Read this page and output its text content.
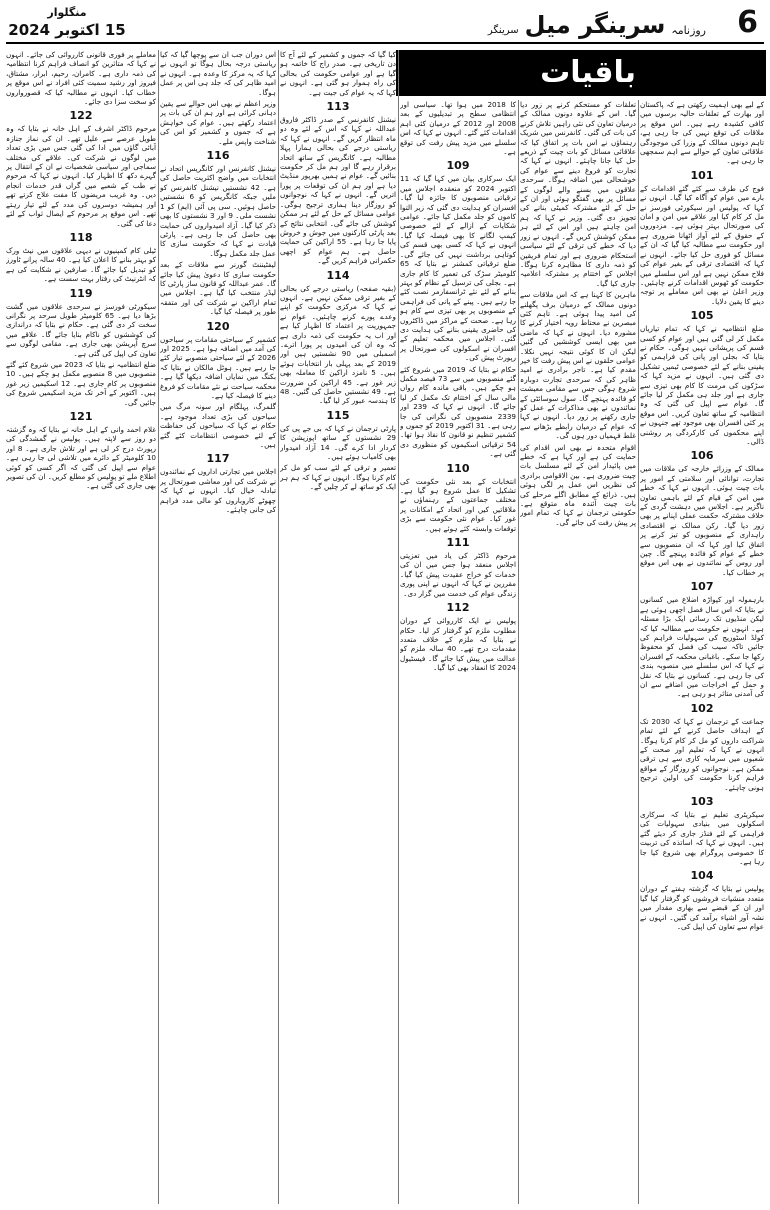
6
روزنامہ
سرینگر میل
سرینگر
منگلوار
15 اکتوبر 2024
باقیات
کے لیے بھی اہمیت رکھتی ہے کہ پاکستان اور بھارت کے تعلقات حالیہ برسوں میں کافی کشیدہ رہے ہیں۔ اس موقع پر ملاقات کی توقع نہیں کی جا رہی ہے، تاہم دونوں ممالک کے وزرا کی موجودگی علاقائی تعاون کے حوالے سے اہم سمجھی جا رہی ہے۔
101
فوج کی طرف سے کئے گئے اقدامات کے بارے میں عوام کو آگاہ کیا گیا۔ انہوں نے کہا کہ پولیس اور سیکورٹی فورسز نے مل کر کام کیا اور علاقے میں امن و امان کی صورتحال بہتر ہوئی ہے۔ مزدوروں کے حقوق کے لئے آواز اٹھانا ضروری ہے اور حکومت سے مطالبہ کیا گیا کہ ان کے مسائل کو فوری حل کیا جائے۔ انہوں نے کہا کہ اقتصادی ترقی کے بغیر عوام کی فلاح ممکن نہیں ہے اور اس سلسلے میں حکومت کو ٹھوس اقدامات کرنے چاہئیں۔ وزیر اعلیٰ نے بھی اس معاملے پر توجہ دینے کا یقین دلایا۔
105
ضلع انتظامیہ نے کہا کہ تمام تیاریاں مکمل کر لی گئی ہیں اور عوام کو کسی قسم کی پریشانی نہیں ہوگی۔ حکام نے بتایا کہ بجلی اور پانی کی فراہمی کو یقینی بنانے کے لئے خصوصی ٹیمیں تشکیل دی گئی ہیں۔ انہوں نے مزید کہا کہ سڑکوں کی مرمت کا کام بھی تیزی سے جاری ہے اور جلد ہی مکمل کر لیا جائے گا۔ عوام سے اپیل کی گئی کہ وہ انتظامیہ کے ساتھ تعاون کریں۔ اس موقع پر کئی افسران بھی موجود تھے جنہوں نے اپنے محکموں کی کارکردگی پر روشنی ڈالی۔
106
ممالک کے وزرائے خارجہ کی ملاقات میں تجارت، توانائی اور سلامتی کے امور پر بات چیت ہوئی۔ انہوں نے کہا کہ خطے میں امن کے قیام کے لئے باہمی تعاون ناگزیر ہے۔ اجلاس میں دہشت گردی کے خلاف مشترکہ حکمت عملی اپنانے پر بھی زور دیا گیا۔ رکن ممالک نے اقتصادی راہداری کے منصوبوں کو تیز کرنے پر اتفاق کیا اور کہا کہ ان منصوبوں سے خطے کے عوام کو فائدہ پہنچے گا۔ چین اور روس کے نمائندوں نے بھی اس موقع پر خطاب کیا۔
107
بارہمولہ اور کپواڑہ اضلاع میں کسانوں نے بتایا کہ اس سال فصل اچھی ہوئی ہے لیکن منڈیوں تک رسائی ایک بڑا مسئلہ ہے۔ انہوں نے حکومت سے مطالبہ کیا کہ کولڈ اسٹوریج کی سہولیات فراہم کی جائیں تاکہ سیب کی فصل کو محفوظ رکھا جا سکے۔ باغبانی محکمہ کے افسران نے کہا کہ اس سلسلے میں منصوبہ بندی کی جا رہی ہے۔ کسانوں نے بتایا کہ نقل و حمل کے اخراجات میں اضافے سے ان کی آمدنی متاثر ہو رہی ہے۔
102
جماعت کے ترجمان نے کہا کہ 2030 تک کے اہداف حاصل کرنے کے لئے تمام شراکت داروں کو مل کر کام کرنا ہوگا۔ انہوں نے کہا کہ تعلیم اور صحت کے شعبوں میں سرمایہ کاری سے ہی ترقی ممکن ہے۔ نوجوانوں کو روزگار کے مواقع فراہم کرنا حکومت کی اولین ترجیح ہونی چاہئے۔
103
سیکریٹری تعلیم نے بتایا کہ سرکاری اسکولوں میں بنیادی سہولیات کی فراہمی کے لئے فنڈز جاری کر دیئے گئے ہیں۔ انہوں نے کہا کہ اساتذہ کی تربیت کا خصوصی پروگرام بھی شروع کیا جا رہا ہے۔
104
پولیس نے بتایا کہ گزشتہ ہفتے کے دوران متعدد منشیات فروشوں کو گرفتار کیا گیا اور ان کے قبضے سے بھاری مقدار میں نشہ آور اشیاء برآمد کی گئیں۔ انہوں نے عوام سے تعاون کی اپیل کی۔
تعلقات کو مستحکم کرنے پر زور دیا گیا۔ اس کے علاوہ دونوں ممالک کے درمیان تعاون کی نئی راہیں تلاش کرنے کی بات کی گئی۔ کانفرنس میں شریک رہنماؤں نے اس بات پر اتفاق کیا کہ علاقائی مسائل کو بات چیت کے ذریعے حل کیا جانا چاہئے۔ انہوں نے کہا کہ تجارت کو فروغ دینے سے عوام کی خوشحالی میں اضافہ ہوگا۔ سرحدی علاقوں میں بسنے والے لوگوں کے مسائل پر بھی گفتگو ہوئی اور ان کے حل کے لئے مشترکہ کمیٹی بنانے کی تجویز دی گئی۔ وزیر نے کہا کہ ہم امن چاہتے ہیں اور اس کے لئے ہر ممکن کوشش کریں گے۔ انہوں نے زور دیا کہ خطے کی ترقی کے لئے سیاسی استحکام ضروری ہے اور تمام فریقین کو ذمہ داری کا مظاہرہ کرنا ہوگا۔ اجلاس کے اختتام پر مشترکہ اعلامیہ جاری کیا گیا۔
ماہرین کا کہنا ہے کہ اس ملاقات سے دونوں ممالک کے درمیان برف پگھلنے کی امید پیدا ہوئی ہے۔ تاہم کئی مبصرین نے محتاط رویہ اختیار کرنے کا مشورہ دیا۔ انہوں نے کہا کہ ماضی میں بھی ایسی کوششیں کی گئیں لیکن ان کا کوئی نتیجہ نہیں نکلا۔ عوامی حلقوں نے اس پیش رفت کا خیر مقدم کیا ہے۔ تاجر برادری نے امید ظاہر کی کہ سرحدی تجارت دوبارہ شروع ہوگی جس سے مقامی معیشت کو فائدہ پہنچے گا۔ سول سوسائٹی کے نمائندوں نے بھی مذاکرات کے عمل کو جاری رکھنے پر زور دیا۔ انہوں نے کہا کہ عوام کے درمیان رابطے بڑھانے سے غلط فہمیاں دور ہوں گی۔
اقوام متحدہ نے بھی اس اقدام کی حمایت کی ہے اور کہا ہے کہ خطے میں پائیدار امن کے لئے مسلسل بات چیت ضروری ہے۔ بین الاقوامی برادری کی نظریں اس عمل پر لگی ہوئی ہیں۔ ذرائع کے مطابق اگلے مرحلے کی بات چیت آئندہ ماہ متوقع ہے۔ حکومتی ترجمان نے کہا کہ تمام امور پر پیش رفت کی جائے گی۔
کا 2018 میں ہوا تھا۔ سیاسی اور انتظامی سطح پر تبدیلیوں کے بعد 2008 اور 2012 کے درمیان کئی اہم اقدامات کئے گئے۔ انہوں نے کہا کہ اس سلسلے میں مزید پیش رفت کی توقع ہے۔
109
ایک سرکاری بیان میں کہا گیا کہ 11 اکتوبر 2024 کو منعقدہ اجلاس میں ترقیاتی منصوبوں کا جائزہ لیا گیا۔ افسران کو ہدایت دی گئی کہ زیر التوا کاموں کو جلد مکمل کیا جائے۔ عوامی شکایات کے ازالے کے لئے خصوصی کیمپ لگانے کا بھی فیصلہ کیا گیا۔ انہوں نے کہا کہ کسی بھی قسم کی کوتاہی برداشت نہیں کی جائے گی۔ ضلع ترقیاتی کمشنر نے بتایا کہ 65 کلومیٹر سڑک کی تعمیر کا کام جاری ہے۔ بجلی کی ترسیل کے نظام کو بہتر بنانے کے لئے نئے ٹرانسفارمر نصب کئے جا رہے ہیں۔ پینے کے پانی کی فراہمی کے منصوبوں پر بھی تیزی سے کام ہو رہا ہے۔ صحت کے مراکز میں ڈاکٹروں کی حاضری یقینی بنانے کی ہدایت دی گئی۔ اجلاس میں محکمہ تعلیم کے افسران نے اسکولوں کی صورتحال پر رپورٹ پیش کی۔
حکام نے بتایا کہ 2019 میں شروع کئے گئے منصوبوں میں سے 73 فیصد مکمل ہو چکے ہیں۔ باقی ماندہ کام رواں مالی سال کے اختتام تک مکمل کر لیا جائے گا۔ انہوں نے کہا کہ 239 اور 2339 منصوبوں کی نگرانی کی جا رہی ہے۔ 31 اکتوبر 2019 کو جموں و کشمیر تنظیم نو قانون کا نفاذ ہوا تھا۔ 54 ترقیاتی اسکیموں کو منظوری دی گئی ہے۔
110
انتخابات کے بعد نئی حکومت کی تشکیل کا عمل شروع ہو گیا ہے۔ مختلف جماعتوں کے رہنماؤں نے ملاقاتیں کیں اور اتحاد کے امکانات پر غور کیا۔ عوام نئی حکومت سے بڑی توقعات وابستہ کئے ہوئے ہیں۔
111
مرحوم ڈاکٹر کی یاد میں تعزیتی اجلاس منعقد ہوا جس میں ان کی خدمات کو خراج عقیدت پیش کیا گیا۔ مقررین نے کہا کہ انہوں نے اپنی پوری زندگی عوام کی خدمت میں گزار دی۔
112
پولیس نے ایک کارروائی کے دوران مطلوب ملزم کو گرفتار کر لیا۔ حکام نے بتایا کہ ملزم کے خلاف متعدد مقدمات درج تھے۔ 40 سالہ ملزم کو عدالت میں پیش کیا جائے گا۔ فیسٹیول 2024 کا انعقاد بھی کیا گیا۔
کیا گیا کہ جموں و کشمیر کے لئے آج کا دن تاریخی ہے۔ صدر راج کا خاتمہ ہو گیا ہے اور عوامی حکومت کی بحالی کی راہ ہموار ہو گئی ہے۔ انہوں نے کہا کہ یہ عوام کی جیت ہے۔
113
نیشنل کانفرنس کے صدر ڈاکٹر فاروق عبداللہ نے کہا کہ اس کے لئے وہ دو ماہ انتظار کریں گے۔ انہوں نے کہا کہ ریاستی درجے کی بحالی ہمارا پہلا مطالبہ ہے۔ کانگریس کے ساتھ اتحاد برقرار رہے گا اور ہم مل کر حکومت بنائیں گے۔ عوام نے ہمیں بھرپور منڈیٹ دیا ہے اور ہم ان کی توقعات پر پورا اتریں گے۔ انہوں نے کہا کہ نوجوانوں کو روزگار دینا ہماری ترجیح ہوگی۔ عوامی مسائل کے حل کے لئے ہر ممکن کوشش کی جائے گی۔ انتخابی نتائج کے بعد پارٹی کارکنوں میں جوش و خروش پایا جا رہا ہے۔ 55 اراکین کی حمایت حاصل ہے۔ ہم عوام کو اچھی حکمرانی فراہم کریں گے۔
114
(بقیہ صفحہ) ریاستی درجے کی بحالی کے بغیر ترقی ممکن نہیں ہے۔ انہوں نے کہا کہ مرکزی حکومت کو اپنے وعدے پورے کرنے چاہئیں۔ عوام نے جمہوریت پر اعتماد کا اظہار کیا ہے اور اب یہ حکومت کی ذمہ داری ہے کہ وہ ان کی امیدوں پر پورا اترے۔ اسمبلی میں 90 نشستیں ہیں اور 2019 کے بعد پہلی بار انتخابات ہوئے ہیں۔ 5 نامزد اراکین کا معاملہ بھی زیر غور ہے۔ 45 اراکین کی ضرورت ہے۔ 49 نشستیں حاصل کی گئیں۔ 48 کا ہندسہ عبور کر لیا گیا۔
115
پارٹی ترجمان نے کہا کہ بی جے پی کی 29 نشستوں کے ساتھ اپوزیشن کا کردار ادا کرے گی۔ 14 آزاد امیدوار بھی کامیاب ہوئے ہیں۔
تعمیر و ترقی کے لئے سب کو مل کر کام کرنا ہوگا۔ انہوں نے کہا کہ ہم ہر ایک کو ساتھ لے کر چلیں گے۔
اس دوران جب ان سے پوچھا گیا کہ کیا ریاستی درجہ بحال ہوگا تو انہوں نے کہا کہ یہ مرکز کا وعدہ ہے۔ انہوں نے امید ظاہر کی کہ جلد ہی اس پر عمل ہوگا۔
وزیر اعظم نے بھی اس حوالے سے یقین دہانی کرائی ہے اور ہم ان کی بات پر اعتماد رکھتے ہیں۔ عوام کی خواہش ہے کہ جموں و کشمیر کو اس کی شناخت واپس ملے۔
116
نیشنل کانفرنس اور کانگریس اتحاد نے انتخابات میں واضح اکثریت حاصل کی ہے۔ 42 نشستیں نیشنل کانفرنس کو ملیں جبکہ کانگریس کو 6 نشستیں حاصل ہوئیں۔ سی پی آئی (ایم) کو 1 نشست ملی۔ 9 اور 3 نشستوں کا بھی ذکر کیا گیا۔ آزاد امیدواروں کی حمایت بھی حاصل کی جا رہی ہے۔ پارٹی قیادت نے کہا کہ حکومت سازی کا عمل جلد مکمل ہوگا۔
لیفٹیننٹ گورنر سے ملاقات کے بعد حکومت سازی کا دعویٰ پیش کیا جائے گا۔ عمر عبداللہ کو قانون ساز پارٹی کا لیڈر منتخب کیا گیا ہے۔ اجلاس میں تمام اراکین نے شرکت کی اور متفقہ طور پر فیصلہ کیا گیا۔
120
کشمیر کے سیاحتی مقامات پر سیاحوں کی آمد میں اضافہ ہوا ہے۔ 2025 اور 2026 کے لئے سیاحتی منصوبے تیار کئے جا رہے ہیں۔ ہوٹل مالکان نے بتایا کہ بکنگ میں نمایاں اضافہ دیکھا گیا ہے۔ محکمہ سیاحت نے نئے مقامات کو فروغ دینے کا فیصلہ کیا ہے۔
گلمرگ، پہلگام اور سونہ مرگ میں سیاحوں کی بڑی تعداد موجود ہے۔ حکام نے کہا کہ سیاحوں کی حفاظت کے لئے خصوصی انتظامات کئے گئے ہیں۔
117
اجلاس میں تجارتی اداروں کے نمائندوں نے شرکت کی اور معاشی صورتحال پر تبادلہ خیال کیا۔ انہوں نے کہا کہ چھوٹے کاروباروں کو مالی مدد فراہم کی جانی چاہئے۔
معاملے پر فوری قانونی کارروائی کی جائے۔ انہوں نے کہا کہ متاثرین کو انصاف فراہم کرنا انتظامیہ کی ذمہ داری ہے۔ کامران، رحیم، ابرار، مشتاق، فیروز اور رشید سمیت کئی افراد نے اس موقع پر خطاب کیا۔ انہوں نے مطالبہ کیا کہ قصورواروں کو سخت سزا دی جائے۔
122
مرحوم ڈاکٹر اشرف کے اہل خانہ نے بتایا کہ وہ طویل عرصے سے علیل تھے۔ ان کی نماز جنازہ آبائی گاؤں میں ادا کی گئی جس میں بڑی تعداد میں لوگوں نے شرکت کی۔ علاقے کی مختلف سماجی اور سیاسی شخصیات نے ان کے انتقال پر گہرے دکھ کا اظہار کیا۔ انہوں نے کہا کہ مرحوم نے طب کے شعبے میں گراں قدر خدمات انجام دیں۔ وہ غریب مریضوں کا مفت علاج کرتے تھے اور ہمیشہ دوسروں کی مدد کے لئے تیار رہتے تھے۔ اس موقع پر مرحوم کے ایصال ثواب کے لئے دعا کی گئی۔
118
ٹیلی کام کمپنیوں نے دیہی علاقوں میں نیٹ ورک کو بہتر بنانے کا اعلان کیا ہے۔ 40 سالہ پرانے ٹاورز کو تبدیل کیا جائے گا۔ صارفین نے شکایت کی ہے کہ انٹرنیٹ کی رفتار بہت سست ہے۔
119
سیکورٹی فورسز نے سرحدی علاقوں میں گشت بڑھا دیا ہے۔ 65 کلومیٹر طویل سرحد پر نگرانی سخت کر دی گئی ہے۔ حکام نے بتایا کہ دراندازی کی کوششوں کو ناکام بنایا جائے گا۔ علاقے میں سرچ آپریشن بھی جاری ہے۔ مقامی لوگوں سے تعاون کی اپیل کی گئی ہے۔
ضلع انتظامیہ نے بتایا کہ 2023 میں شروع کئے گئے منصوبوں میں 8 منصوبے مکمل ہو چکے ہیں۔ 10 منصوبوں پر کام جاری ہے۔ 12 اسکیمیں زیر غور ہیں۔ اکتوبر کے آخر تک مزید اسکیمیں شروع کی جائیں گی۔
121
غلام احمد وانی کے اہل خانہ نے بتایا کہ وہ گزشتہ دو روز سے لاپتہ ہیں۔ پولیس نے گمشدگی کی رپورٹ درج کر لی ہے اور تلاش جاری ہے۔ 8 اور 10 کلومیٹر کے دائرے میں تلاشی لی جا رہی ہے۔ عوام سے اپیل کی گئی کہ اگر کسی کو کوئی اطلاع ملے تو پولیس کو مطلع کریں۔ ان کی تصویر بھی جاری کی گئی ہے۔
